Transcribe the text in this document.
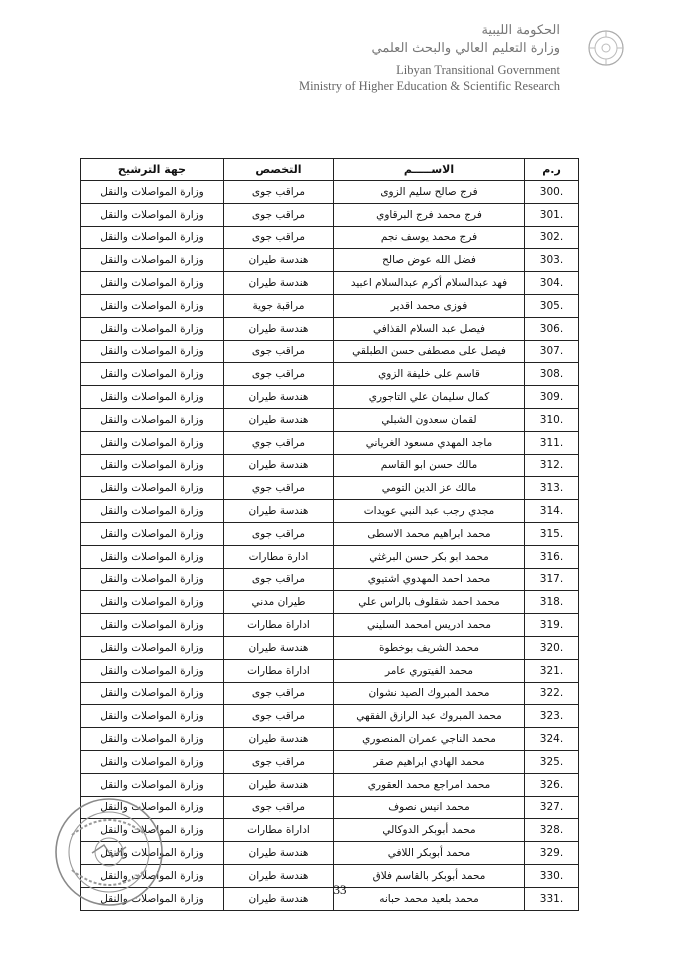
الحكومة الليبية
وزارة التعليم العالي والبحث العلمي
Libyan Transitional Government
Ministry of Higher Education & Scientific Research
ر.م	الاســـــم	التخصص	جهة الترشيح
300.	فرج صالح سليم الزوى	مراقب جوى	وزارة المواصلات والنقل
301.	فرج محمد فرج البرقاوي	مراقب جوى	وزارة المواصلات والنقل
302.	فرج محمد يوسف نجم	مراقب جوى	وزارة المواصلات والنقل
303.	فضل الله عوض صالح	هندسة طيران	وزارة المواصلات والنقل
304.	فهد عبدالسلام أكرم عبدالسلام اعبيد	هندسة طيران	وزارة المواصلات والنقل
305.	فوزى محمد اقدير	مراقبة جوية	وزارة المواصلات والنقل
306.	فيصل عبد السلام القذافي	هندسة طيران	وزارة المواصلات والنقل
307.	فيصل على مصطفى حسن الطبلقي	مراقب جوى	وزارة المواصلات والنقل
308.	قاسم على خليفة الزوي	مراقب جوى	وزارة المواصلات والنقل
309.	كمال سليمان علي التاجوري	هندسة طيران	وزارة المواصلات والنقل
310.	لقمان سعدون الشبلي	هندسة طيران	وزارة المواصلات والنقل
311.	ماجد المهدي مسعود الغرياني	مراقب جوي	وزارة المواصلات والنقل
312.	مالك حسن ابو القاسم	هندسة طيران	وزارة المواصلات والنقل
313.	مالك عز الدين التومي	مراقب جوي	وزارة المواصلات والنقل
314.	مجدي رجب عبد النبي عويدات	هندسة طيران	وزارة المواصلات والنقل
315.	محمد ابراهيم محمد الاسطى	مراقب جوى	وزارة المواصلات والنقل
316.	محمد ابو بكر حسن البرغثي	ادارة مطارات	وزارة المواصلات والنقل
317.	محمد احمد المهدوي اشتيوي	مراقب جوى	وزارة المواصلات والنقل
318.	محمد احمد شقلوف بالراس علي	طيران مدني	وزارة المواصلات والنقل
319.	محمد ادريس امحمد السليني	اداراة مطارات	وزارة المواصلات والنقل
320.	محمد الشريف بوخطوة	هندسة طيران	وزارة المواصلات والنقل
321.	محمد الفيتوري عامر	اداراة مطارات	وزارة المواصلات والنقل
322.	محمد المبروك الصيد نشوان	مراقب جوى	وزارة المواصلات والنقل
323.	محمد المبروك عبد الرازق الفقهي	مراقب جوى	وزارة المواصلات والنقل
324.	محمد الناجي عمران المنصوري	هندسة طيران	وزارة المواصلات والنقل
325.	محمد الهادي ابراهيم صقر	مراقب جوى	وزارة المواصلات والنقل
326.	محمد امراجع محمد العقوري	هندسة طيران	وزارة المواصلات والنقل
327.	محمد انيس نصوف	مراقب جوى	وزارة المواصلات والنقل
328.	محمد أبوبكر الدوكالي	اداراة مطارات	وزارة المواصلات والنقل
329.	محمد أبوبكر اللافي	هندسة طيران	وزارة المواصلات والنقل
330.	محمد أبوبكر بالقاسم فلاق	هندسة طيران	وزارة المواصلات والنقل
331.	محمد بلعيد محمد حبانه	هندسة طيران	وزارة المواصلات والنقل
33
